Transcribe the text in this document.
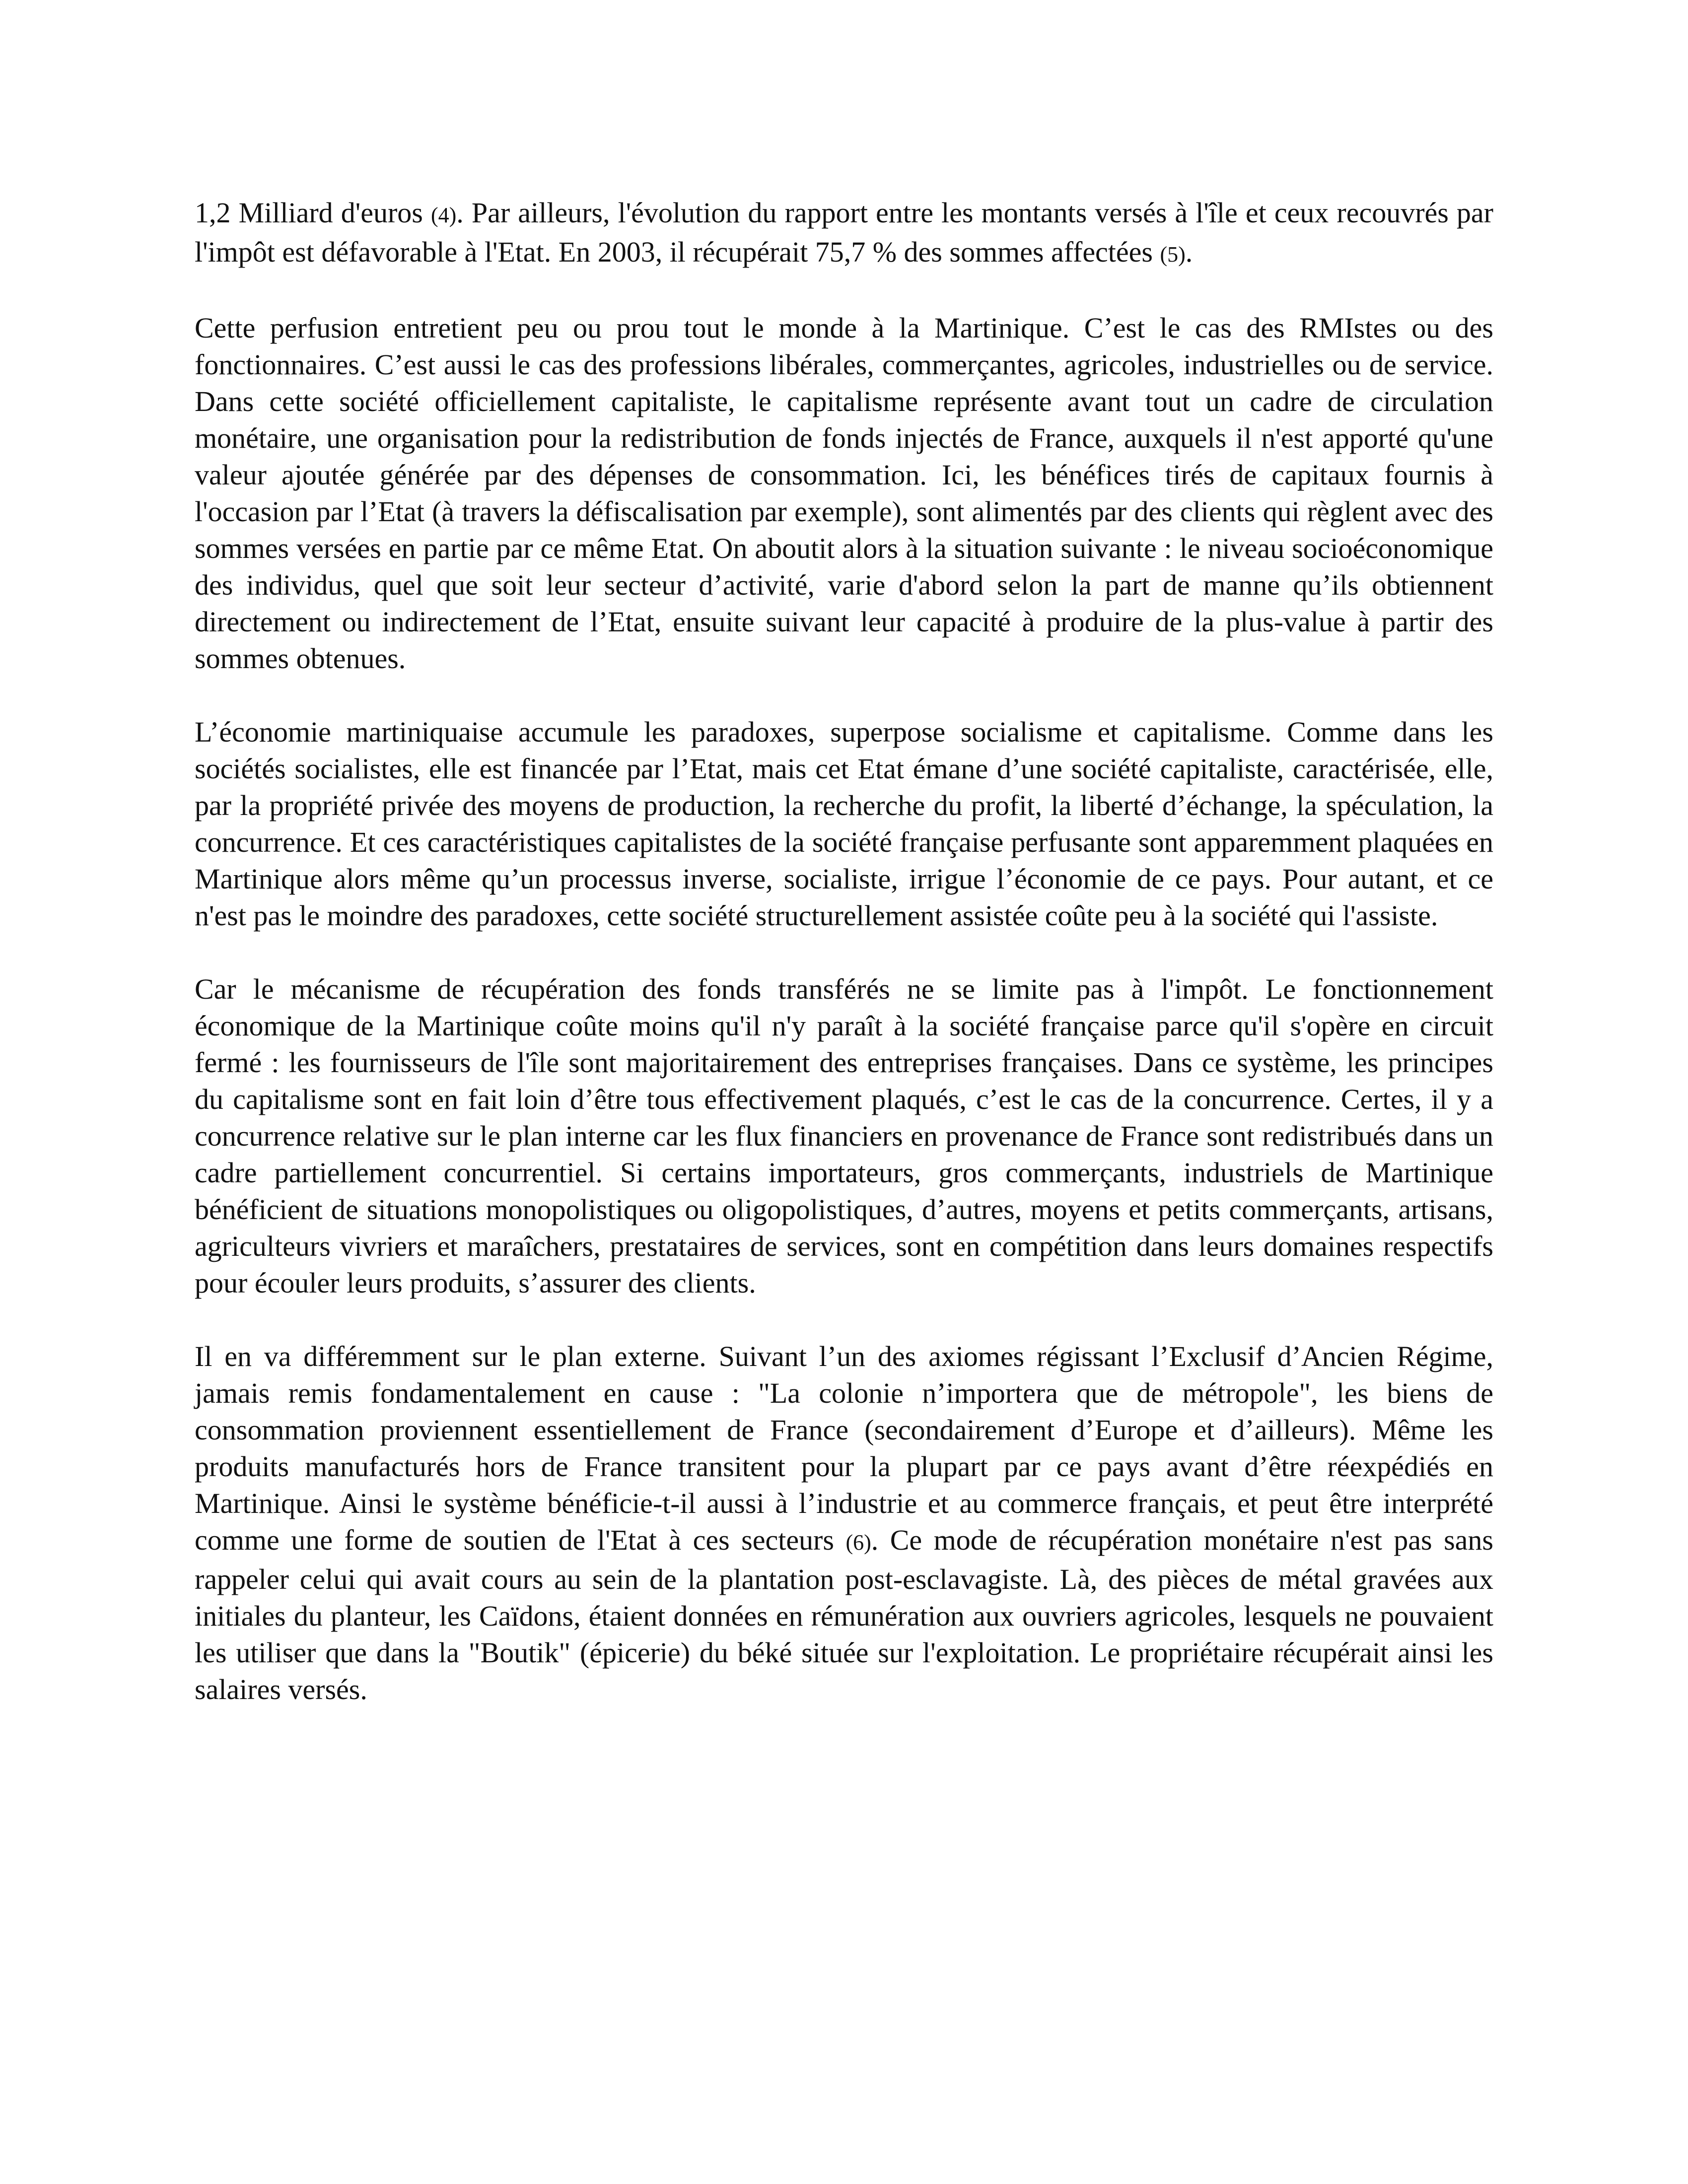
1,2 Milliard d'euros (4). Par ailleurs, l'évolution du rapport entre les montants versés à l'île et ceux recouvrés par l'impôt est défavorable à l'Etat. En 2003, il récupérait 75,7 % des sommes affectées (5).

Cette perfusion entretient peu ou prou tout le monde à la Martinique. C’est le cas des RMIstes ou des fonctionnaires. C’est aussi le cas des professions libérales, commerçantes, agricoles, industrielles ou de service. Dans cette société officiellement capitaliste, le capitalisme représente avant tout un cadre de circulation monétaire, une organisation pour la redistribution de fonds injectés de France, auxquels il n'est apporté qu'une valeur ajoutée générée par des dépenses de consommation. Ici, les bénéfices tirés de capitaux fournis à l'occasion par l’Etat (à travers la défiscalisation par exemple), sont alimentés par des clients qui règlent avec des sommes versées en partie par ce même Etat. On aboutit alors à la situation suivante : le niveau socioéconomique des individus, quel que soit leur secteur d’activité, varie d'abord selon la part de manne qu’ils obtiennent directement ou indirectement de l’Etat, ensuite suivant leur capacité à produire de la plus-value à partir des sommes obtenues.

L’économie martiniquaise accumule les paradoxes, superpose socialisme et capitalisme. Comme dans les sociétés socialistes, elle est financée par l’Etat, mais cet Etat émane d’une société capitaliste, caractérisée, elle, par la propriété privée des moyens de production, la recherche du profit, la liberté d’échange, la spéculation, la concurrence. Et ces caractéristiques capitalistes de la société française perfusante sont apparemment plaquées en Martinique alors même qu’un processus inverse, socialiste, irrigue l’économie de ce pays. Pour autant, et ce n'est pas le moindre des paradoxes, cette société structurellement assistée coûte peu à la société qui l'assiste.

Car le mécanisme de récupération des fonds transférés ne se limite pas à l'impôt. Le fonctionnement économique de la Martinique coûte moins qu'il n'y paraît à la société française parce qu'il s'opère en circuit fermé : les fournisseurs de l'île sont majoritairement des entreprises françaises. Dans ce système, les principes du capitalisme sont en fait loin d’être tous effectivement plaqués, c’est le cas de la concurrence. Certes, il y a concurrence relative sur le plan interne car les flux financiers en provenance de France sont redistribués dans un cadre partiellement concurrentiel. Si certains importateurs, gros commerçants, industriels de Martinique bénéficient de situations monopolistiques ou oligopolistiques, d’autres, moyens et petits commerçants, artisans, agriculteurs vivriers et maraîchers, prestataires de services, sont en compétition dans leurs domaines respectifs pour écouler leurs produits, s’assurer des clients.

Il en va différemment sur le plan externe. Suivant l’un des axiomes régissant l’Exclusif d’Ancien Régime, jamais remis fondamentalement en cause : "La colonie n’importera que de métropole", les biens de consommation proviennent essentiellement de France (secondairement d’Europe et d’ailleurs). Même les produits manufacturés hors de France transitent pour la plupart par ce pays avant d’être réexpédiés en Martinique. Ainsi le système bénéficie-t-il aussi à l’industrie et au commerce français, et peut être interprété comme une forme de soutien de l'Etat à ces secteurs (6). Ce mode de récupération monétaire n'est pas sans rappeler celui qui avait cours au sein de la plantation post-esclavagiste. Là, des pièces de métal gravées aux initiales du planteur, les Caïdons, étaient données en rémunération aux ouvriers agricoles, lesquels ne pouvaient les utiliser que dans la "Boutik" (épicerie) du béké située sur l'exploitation. Le propriétaire récupérait ainsi les salaires versés.
